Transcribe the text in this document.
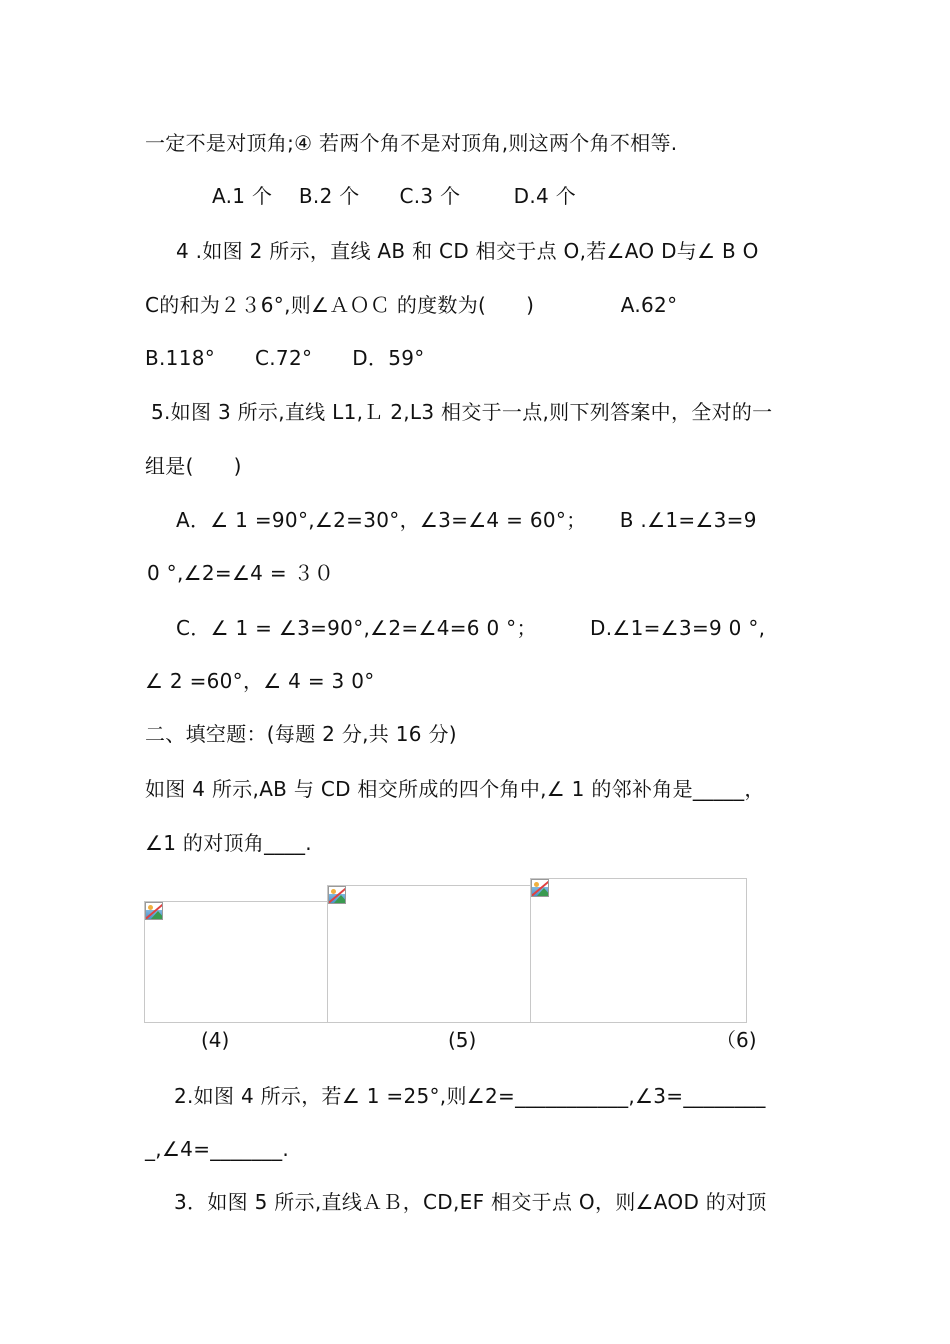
一定不是对顶角;④ 若两个角不是对顶角,则这两个角不相等.
A.1 个    B.2 个      C.3 个        D.4 个
4 .如图 2 所示，直线 AB 和 CD 相交于点 O,若∠AO D与∠ B O
C的和为２３6°,则∠ＡＯＣ 的度数为(      )             A.62°
B.118°      C.72°      D．59°
5.如图 3 所示,直线 L1,Ｌ 2,L3 相交于一点,则下列答案中，全对的一
组是(      )
A．∠ 1 =90°,∠2=30°，∠3=∠4 = 60°；     B .∠1=∠3=9
0 °,∠2=∠4 = ３０
C．∠ 1 = ∠3=90°,∠2=∠4=6 0 °；        D.∠1=∠3=9 0 °,
∠ 2 =60°，∠ 4 = 3 0°
二、填空题：(每题 2 分,共 16 分)
如图 4 所示,AB 与 CD 相交所成的四个角中,∠ 1 的邻补角是_____，
∠1 的对顶角____.
(4)	(5)	（6)
2.如图 4 所示，若∠ 1 =25°,则∠2=___________,∠3=________
_,∠4=_______.
3．如图 5 所示,直线ＡＢ，CD,EF 相交于点 O，则∠AOD 的对顶
